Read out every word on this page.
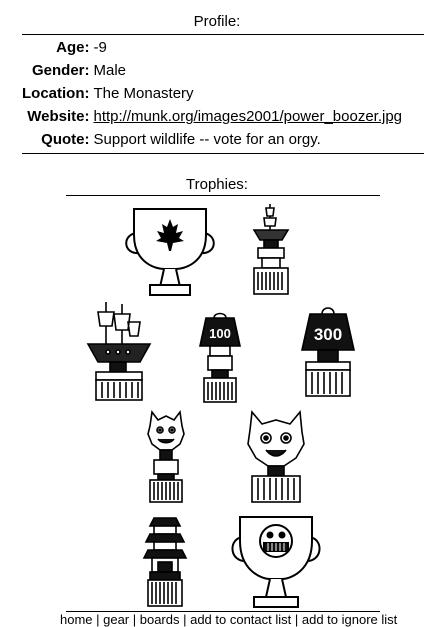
Profile:
Age:	-9
Gender:	Male
Location:	The Monastery
Website:	http://munk.org/images2001/power_boozer.jpg
Quote:	Support wildlife -- vote for an orgy.
Trophies:
100	300
home | gear | boards | add to contact list | add to ignore list
